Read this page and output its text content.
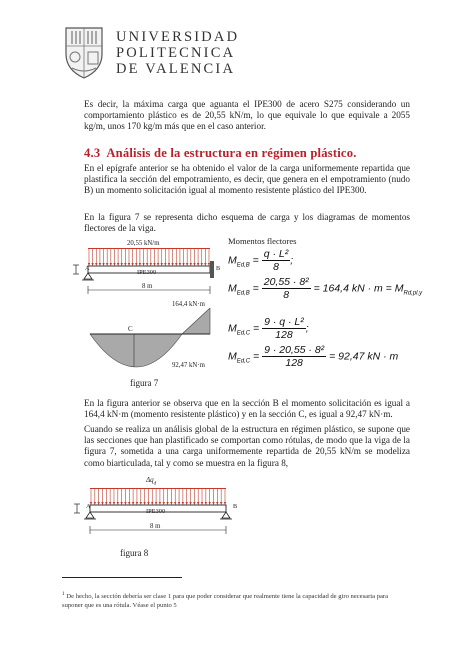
UNIVERSIDAD
POLITECNICA
DE VALENCIA
Es decir, la máxima carga que aguanta el IPE300 de acero S275 considerando un comportamiento plástico es de 20,55 kN/m, lo que equivale lo que equivale a 2055 kg/m, unos 170 kg/m más que en el caso anterior.
4.3 Análisis de la estructura en régimen plástico.
En el epígrafe anterior se ha obtenido el valor de la carga uniformemente repartida que plastifica la sección del empotramiento, es decir, que genera en el empotramiento (nudo B) un momento solicitación igual al momento resistente plástico del IPE300.
En la figura 7 se representa dicho esquema de carga y los diagramas de momentos flectores de la viga.
20,55 kN/m
A	B
IPE300
8 m
164,4 kN·m
C
92,47 kN·m
figura 7
Momentos flectores
$M_{Ed,B} = \frac{\text{q · L²}}{8}$ ;
$M_{Ed,B} = \frac{\text{20,55 · 8²}}{8} = 164,4$ kN · $m = M_{Rd,pl,y}$
$M_{Ed,C} = \frac{\text{9 · q · L²}}{128}$ ;
$M_{Ed,C} = \frac{\text{9 · 20,55 · 8²}}{128} = 92,47$ kN · m
En la figura anterior se observa que en la sección B el momento solicitación es igual a 164,4 kN·m (momento resistente plástico) y en la sección C, es igual a 92,47 kN·m.
Cuando se realiza un análisis global de la estructura en régimen plástico, se supone que las secciones que han plastificado se comportan como rótulas, de modo que la viga de la figura 7, sometida a una carga uniformemente repartida de 20,55 kN/m se modeliza como biarticulada, tal y como se muestra en la figura 8,
$\Delta q_d$
A	B
IPE300
8 m
figura 8
$^1$ De hecho, la sección debería ser clase 1 para que poder considerar que realmente tiene la capacidad de giro necesaria para suponer que es una rótula. Véase el punto 5
